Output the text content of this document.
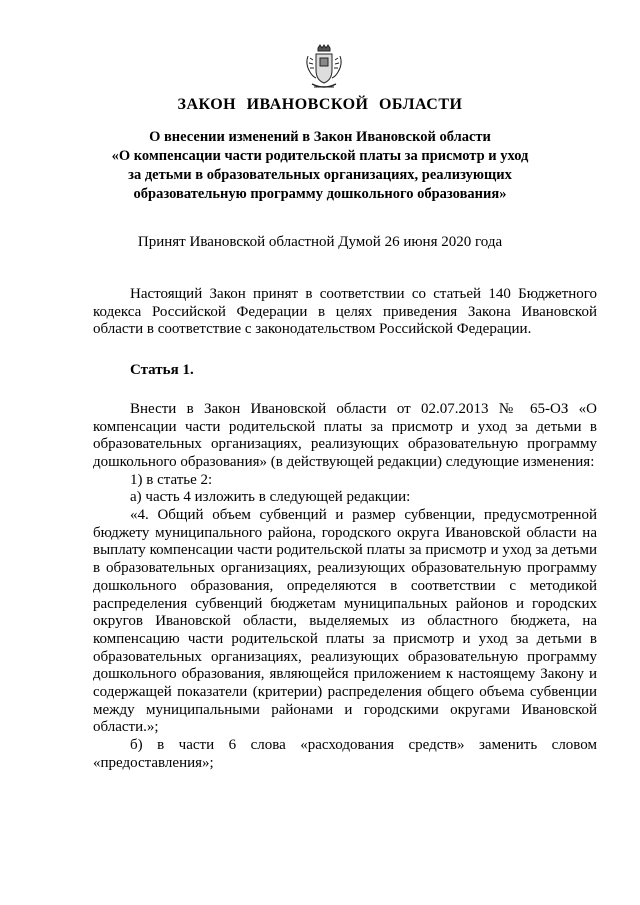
ЗАКОН ИВАНОВСКОЙ ОБЛАСТИ
О внесении изменений в Закон Ивановской области
«О компенсации части родительской платы за присмотр и уход
за детьми в образовательных организациях, реализующих
образовательную программу дошкольного образования»
Принят Ивановской областной Думой 26 июня 2020 года

Настоящий Закон принят в соответствии со статьей 140 Бюджетного кодекса Российской Федерации в целях приведения Закона Ивановской области в соответствие с законодательством Российской Федерации.

Статья 1.

Внести в Закон Ивановской области от 02.07.2013 № 65-ОЗ «О компенсации части родительской платы за присмотр и уход за детьми в образовательных организациях, реализующих образовательную программу дошкольного образования» (в действующей редакции) следующие изменения:

1) в статье 2:

а) часть 4 изложить в следующей редакции:

«4. Общий объем субвенций и размер субвенции, предусмотренной бюджету муниципального района, городского округа Ивановской области на выплату компенсации части родительской платы за присмотр и уход за детьми в образовательных организациях, реализующих образовательную программу дошкольного образования, определяются в соответствии с методикой распределения субвенций бюджетам муниципальных районов и городских округов Ивановской области, выделяемых из областного бюджета, на компенсацию части родительской платы за присмотр и уход за детьми в образовательных организациях, реализующих образовательную программу дошкольного образования, являющейся приложением к настоящему Закону и содержащей показатели (критерии) распределения общего объема субвенции между муниципальными районами и городскими округами Ивановской области.»;

б) в части 6 слова «расходования средств» заменить словом «предоставления»;
